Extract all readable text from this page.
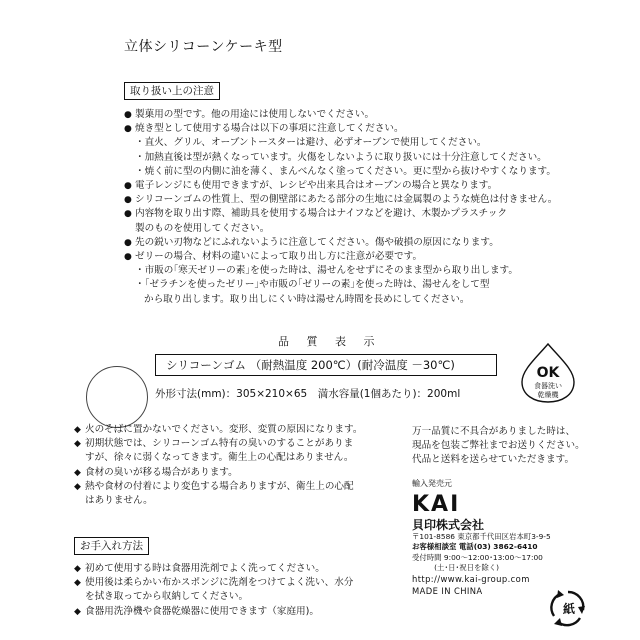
立体シリコーンケーキ型
取り扱い上の注意
●
製菓用の型です。他の用途には使用しないでください。
●
焼き型として使用する場合は以下の事項に注意してください。
・直火、グリル、オーブントースターは避け、必ずオーブンで使用してください。
・加熱直後は型が熱くなっています。火傷をしないように取り扱いには十分注意してください。
・焼く前に型の内側に油を薄く、まんべんなく塗ってください。更に型から抜けやすくなります。
●
電子レンジにも使用できますが、レシピや出来具合はオーブンの場合と異なります。
●
シリコーンゴムの性質上、型の側壁部にあたる部分の生地には金属製のような焼色は付きません。
●
内容物を取り出す際、補助具を使用する場合はナイフなどを避け、木製かプラスチック
製のものを使用してください。
●
先の鋭い刃物などにふれないように注意してください。傷や破損の原因になります。
●
ゼリーの場合、材料の違いによって取り出し方に注意が必要です。
・市販の｢寒天ゼリーの素｣を使った時は、湯せんをせずにそのまま型から取り出します。
・｢ゼラチンを使ったゼリー｣や市販の｢ゼリーの素｣を使った時は、湯せんをして型
から取り出します。取り出しにくい時は湯せん時間を長めにしてください。
品 質 表 示
シリコーンゴム （耐熱温度 200℃）(耐冷温度 －30℃)
外形寸法(mm)：305×210×65　満水容量(1個あたり)：200ml
OK
食器洗い
乾燥機
◆
火のそばに置かないでください。変形、変質の原因になります。
◆
初期状態では、シリコーンゴム特有の臭いのすることがありま
すが、徐々に弱くなってきます。衛生上の心配はありません。
◆
食材の臭いが移る場合があります。
◆
熱や食材の付着により変色する場合ありますが、衛生上の心配
はありません。
万一品質に不具合がありました時は、
現品を包装ご弊社までお送りください。
代品と送料を送らせていただきます。
お手入れ方法
◆
初めて使用する時は食器用洗剤でよく洗ってください。
◆
使用後は柔らかい布かスポンジに洗剤をつけてよく洗い、水分
を拭き取ってから収納してください。
◆
食器用洗浄機や食器乾燥器に使用できます（家庭用)。
輸入発売元
KAI
貝印株式会社
〒101-8586 東京都千代田区岩本町3-9-5
お客様相談室 電話(03) 3862-6410
受付時間 9:00～12:00･13:00～17:00
　　　(土･日･祝日を除く)
http://www.kai-group.com
MADE IN CHINA
紙
